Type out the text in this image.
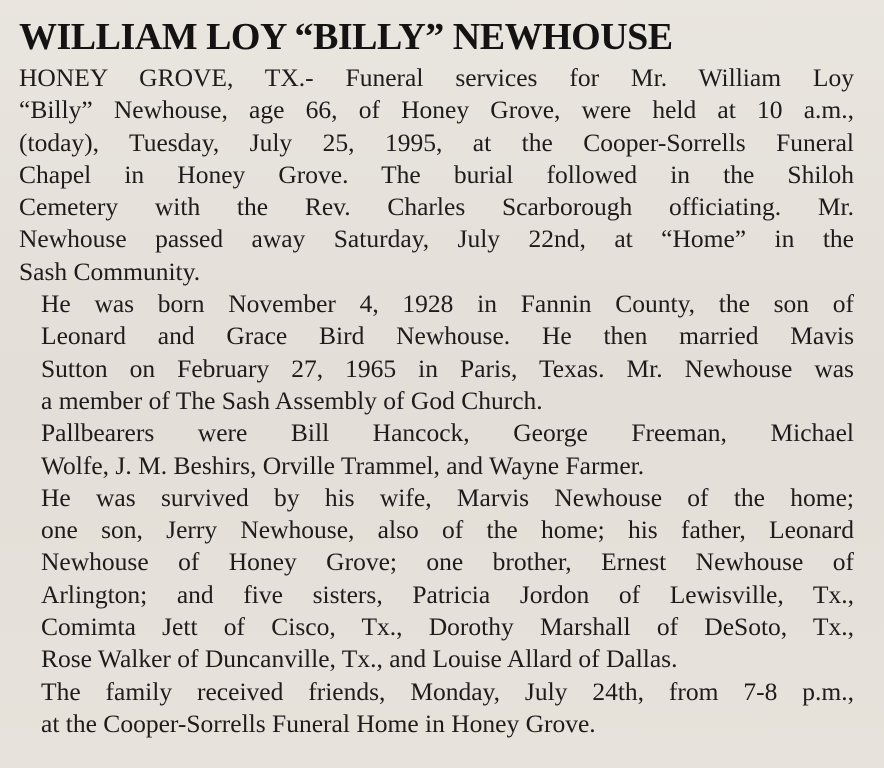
WILLIAM LOY “BILLY” NEWHOUSE

HONEY GROVE, TX.- Funeral services for Mr. William Loy
“Billy” Newhouse, age 66, of Honey Grove, were held at 10 a.m.,
(today), Tuesday, July 25, 1995, at the Cooper-Sorrells Funeral
Chapel in Honey Grove. The burial followed in the Shiloh
Cemetery with the Rev. Charles Scarborough officiating. Mr.
Newhouse passed away Saturday, July 22nd, at “Home” in the
Sash Community.

He was born November 4, 1928 in Fannin County, the son of
Leonard and Grace Bird Newhouse. He then married Mavis
Sutton on February 27, 1965 in Paris, Texas. Mr. Newhouse was
a member of The Sash Assembly of God Church.

Pallbearers were Bill Hancock, George Freeman, Michael
Wolfe, J. M. Beshirs, Orville Trammel, and Wayne Farmer.

He was survived by his wife, Marvis Newhouse of the home;
one son, Jerry Newhouse, also of the home; his father, Leonard
Newhouse of Honey Grove; one brother, Ernest Newhouse of
Arlington; and five sisters, Patricia Jordon of Lewisville, Tx.,
Comimta Jett of Cisco, Tx., Dorothy Marshall of DeSoto, Tx.,
Rose Walker of Duncanville, Tx., and Louise Allard of Dallas.

The family received friends, Monday, July 24th, from 7-8 p.m.,
at the Cooper-Sorrells Funeral Home in Honey Grove.
